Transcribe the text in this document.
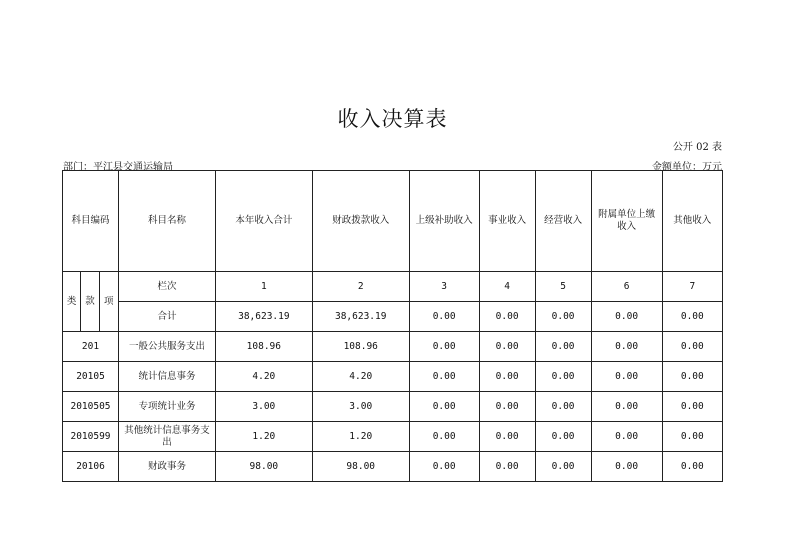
收入决算表
公开 02 表
部门：平江县交通运输局	金额单位：万元
科目编码			科目名称	本年收入合计	财政拨款收入	上级补助收入	事业收入	经营收入	附属单位上缴收入	其他收入
类	款	项	栏次	1	2	3	4	5	6	7
			合计	38,623.19	38,623.19	0.00	0.00	0.00	0.00	0.00
201			一般公共服务支出	108.96	108.96	0.00	0.00	0.00	0.00	0.00
20105			统计信息事务	4.20	4.20	0.00	0.00	0.00	0.00	0.00
2010505			专项统计业务	3.00	3.00	0.00	0.00	0.00	0.00	0.00
2010599			其他统计信息事务支出	1.20	1.20	0.00	0.00	0.00	0.00	0.00
20106			财政事务	98.00	98.00	0.00	0.00	0.00	0.00	0.00
